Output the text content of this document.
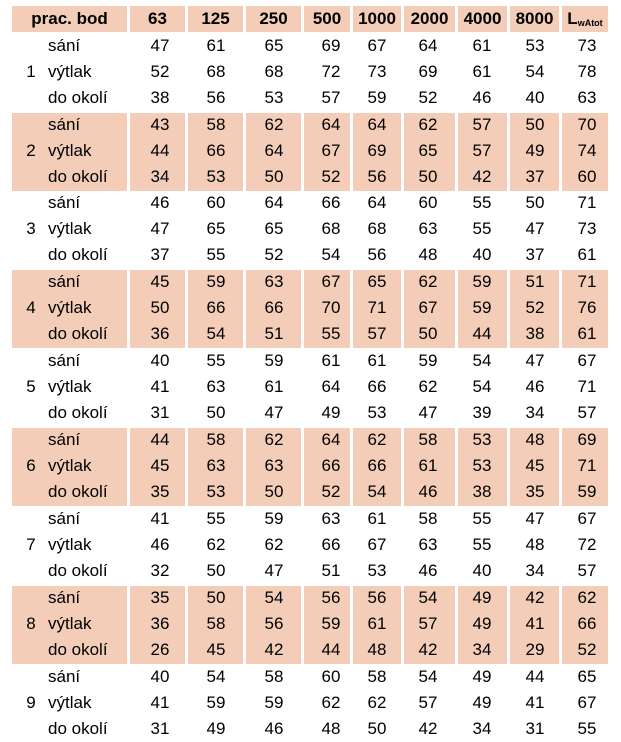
prac. bod	63	125	250	500 1000 2000 4000 8000 $L_{wAtot}$
sání	47	61	65	69	67	64	61	53	73
1 výtlak	52	68	68	72	73	69	61	54	78
do okolí	38	56	53	57	59	52	46	40	63
sání	43	58	62	64	64	62	57	50	70
2 výtlak	44	66	64	67	69	65	57	49	74
do okolí	34	53	50	52	56	50	42	37	60
sání	46	60	64	66	64	60	55	50	71
3 výtlak	47	65	65	68	68	63	55	47	73
do okolí	37	55	52	54	56	48	40	37	61
sání	45	59	63	67	65	62	59	51	71
4 výtlak	50	66	66	70	71	67	59	52	76
do okolí	36	54	51	55	57	50	44	38	61
sání	40	55	59	61	61	59	54	47	67
5 výtlak	41	63	61	64	66	62	54	46	71
do okolí	31	50	47	49	53	47	39	34	57
sání	44	58	62	64	62	58	53	48	69
6 výtlak	45	63	63	66	66	61	53	45	71
do okolí	35	53	50	52	54	46	38	35	59
sání	41	55	59	63	61	58	55	47	67
7 výtlak	46	62	62	66	67	63	55	48	72
do okolí	32	50	47	51	53	46	40	34	57
sání	35	50	54	56	56	54	49	42	62
8 výtlak	36	58	56	59	61	57	49	41	66
do okolí	26	45	42	44	48	42	34	29	52
sání	40	54	58	60	58	54	49	44	65
9 výtlak	41	59	59	62	62	57	49	41	67
do okolí	31	49	46	48	50	42	34	31	55
